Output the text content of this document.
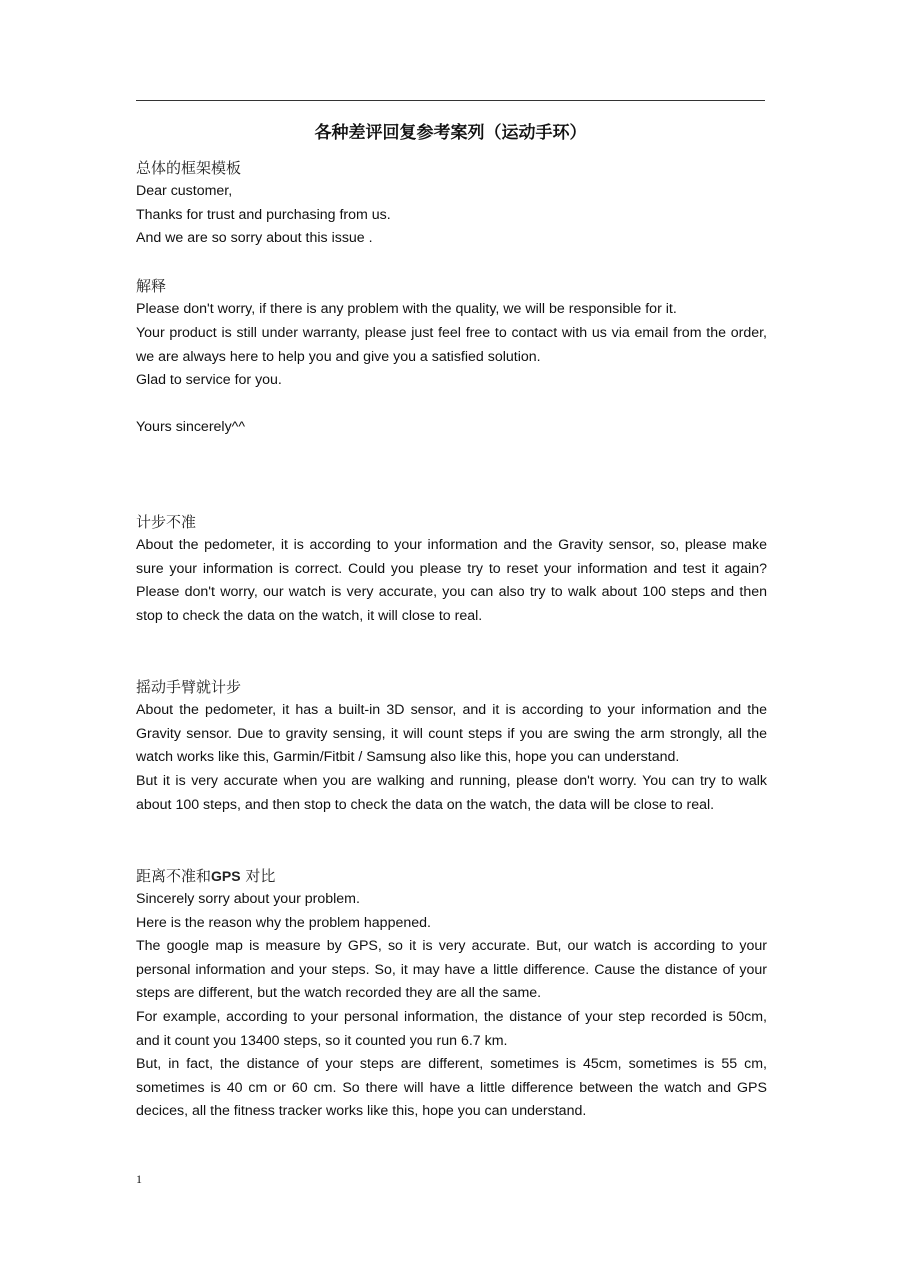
各种差评回复参考案列（运动手环）
总体的框架模板
Dear customer,
Thanks for trust and purchasing from us.
And we are so sorry about this issue .
解释
Please don't worry, if there is any problem with the quality, we will be responsible for it.
Your product is still under warranty, please just feel free to contact with us via email from the order, we are always here to help you and give you a satisfied solution.
Glad to service for you.
Yours sincerely^^
计步不准
About the pedometer, it is according to your information and the Gravity sensor, so, please make sure your information is correct. Could you please try to reset your information and test it again? Please don't worry, our watch is very accurate, you can also try to walk about 100 steps and then stop to check the data on the watch, it will close to real.
摇动手臂就计步
About the pedometer, it has a built-in 3D sensor, and it is according to your information and the Gravity sensor. Due to gravity sensing, it will count steps if you are swing the arm strongly, all the watch works like this, Garmin/Fitbit / Samsung also like this, hope you can understand.
But it is very accurate when you are walking and running, please don't worry. You can try to walk about 100 steps, and then stop to check the data on the watch, the data will be close to real.
距离不准和GPS 对比
Sincerely sorry about your problem.
Here is the reason why the problem happened.
The google map is measure by GPS, so it is very accurate. But, our watch is according to your personal information and your steps. So, it may have a little difference. Cause the distance of your steps are different, but the watch recorded they are all the same.
For example, according to your personal information, the distance of your step recorded is 50cm, and it count you 13400 steps, so it counted you run 6.7 km.
But, in fact, the distance of your steps are different, sometimes is 45cm, sometimes is 55 cm, sometimes is 40 cm or 60 cm. So there will have a little difference between the watch and GPS decices, all the fitness tracker works like this, hope you can understand.
1
